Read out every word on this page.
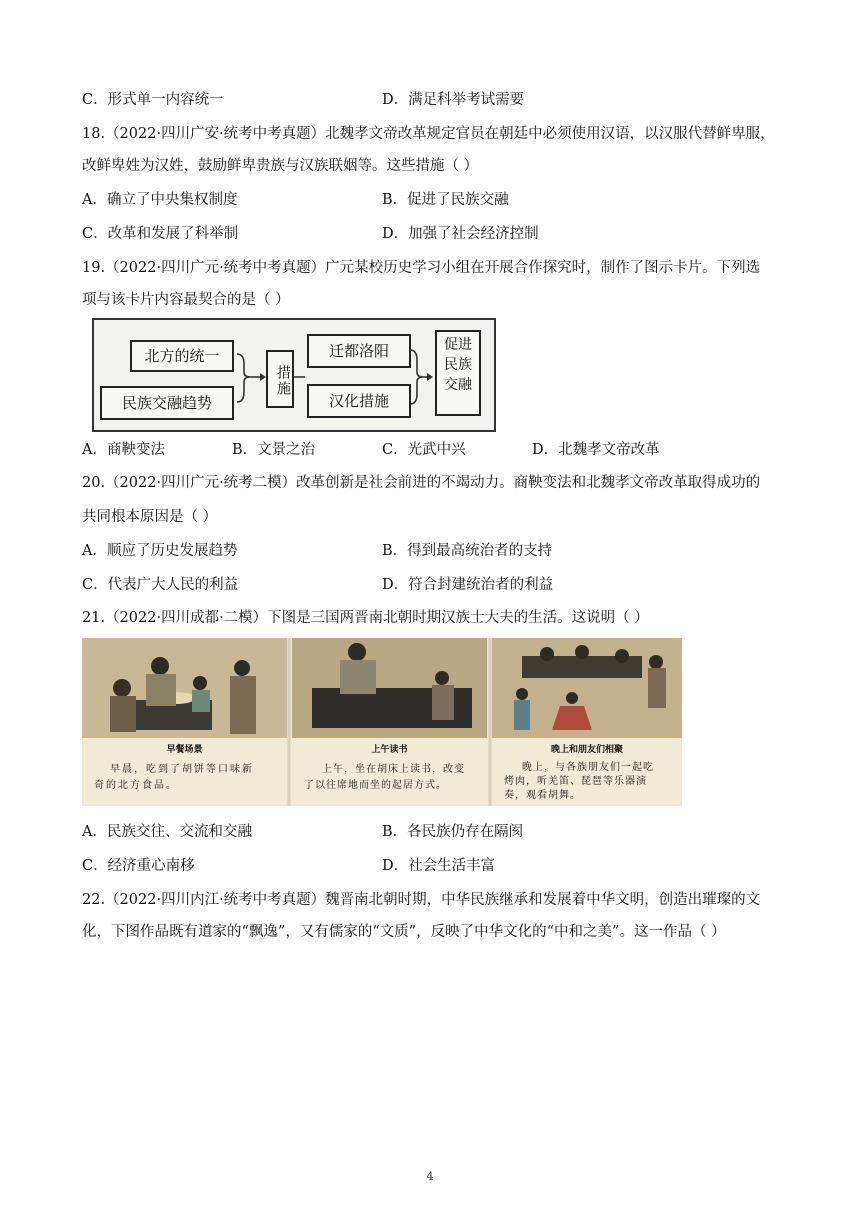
C．形式单一内容统一	D．满足科举考试需要
18.（2022·四川广安·统考中考真题）北魏孝文帝改革规定官员在朝廷中必须使用汉语，以汉服代替鲜卑服，
改鲜卑姓为汉姓，鼓励鲜卑贵族与汉族联姻等。这些措施（ ）
A．确立了中央集权制度	B．促进了民族交融
C．改革和发展了科举制	D．加强了社会经济控制
19.（2022·四川广元·统考中考真题）广元某校历史学习小组在开展合作探究时，制作了图示卡片。下列选
项与该卡片内容最契合的是（ ）
北方的统一
民族交融趋势
措施
迁都洛阳
汉化措施
促进民族交融
A．商鞅变法	B．文景之治	C．光武中兴	D．北魏孝文帝改革
20.（2022·四川广元·统考二模）改革创新是社会前进的不竭动力。商鞅变法和北魏孝文帝改革取得成功的
共同根本原因是（ ）
A．顺应了历史发展趋势	B．得到最高统治者的支持
C．代表广大人民的利益	D．符合封建统治者的利益
21.（2022·四川成都·二模）下图是三国两晋南北朝时期汉族士大夫的生活。这说明（ ）
早餐场景
早晨，吃到了胡饼等口味新
奇的北方食品。
上午读书
上午，坐在胡床上读书，改变
了以往席地而坐的起居方式。
晚上和朋友们相聚
晚上，与各族朋友们一起吃
烤肉，听羌笛、琵琶等乐器演
奏，观看胡舞。
A．民族交往、交流和交融	B．各民族仍存在隔阂
C．经济重心南移	D．社会生活丰富
22.（2022·四川内江·统考中考真题）魏晋南北朝时期，中华民族继承和发展着中华文明，创造出璀璨的文
化，下图作品既有道家的“飘逸”，又有儒家的“文质”，反映了中华文化的“中和之美”。这一作品（ ）
4
